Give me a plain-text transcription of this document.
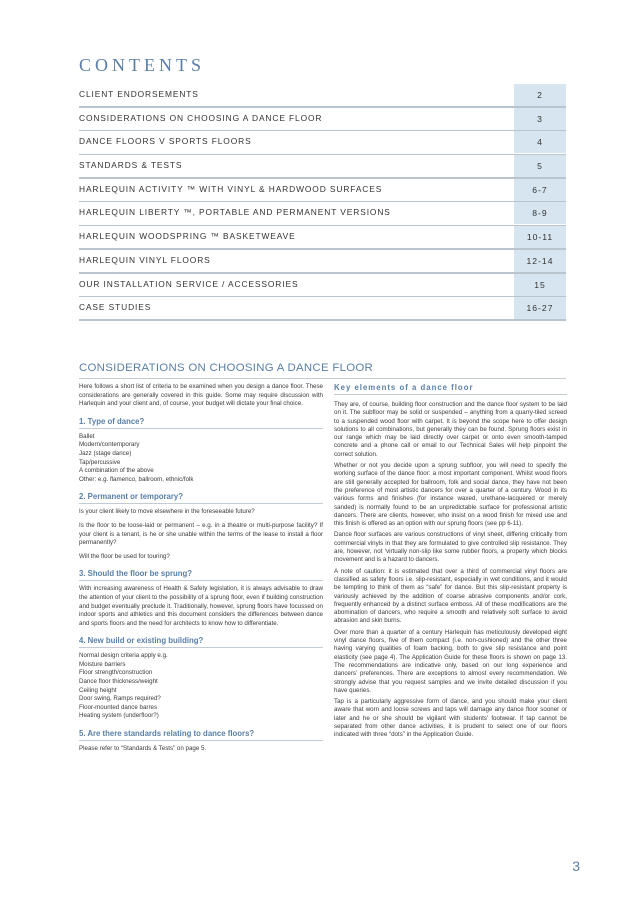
CONTENTS
CLIENT ENDORSEMENTS	2
CONSIDERATIONS ON CHOOSING A DANCE FLOOR	3
DANCE FLOORS V SPORTS FLOORS	4
STANDARDS & TESTS	5
HARLEQUIN ACTIVITY ™ WITH VINYL & HARDWOOD SURFACES	6-7
HARLEQUIN LIBERTY ™, PORTABLE AND PERMANENT VERSIONS	8-9
HARLEQUIN WOODSPRING ™ BASKETWEAVE	10-11
HARLEQUIN VINYL FLOORS	12-14
OUR INSTALLATION SERVICE / ACCESSORIES	15
CASE STUDIES	16-27
CONSIDERATIONS ON CHOOSING A DANCE FLOOR

Here follows a short list of criteria to be examined when you design a dance floor. These considerations are generally covered in this guide. Some may require discussion with Harlequin and your client and, of course, your budget will dictate your final choice.

1. Type of dance?
Ballet
Modern/contemporary
Jazz (stage dance)
Tap/percussive
A combination of the above
Other: e.g. flamenco, ballroom, ethnic/folk
2. Permanent or temporary?

Is your client likely to move elsewhere in the foreseeable future?

Is the floor to be loose-laid or permanent – e.g. in a theatre or multi-purpose facility? If your client is a tenant, is he or she unable within the terms of the lease to install a floor permanently?

Will the floor be used for touring?

3. Should the floor be sprung?

With increasing awareness of Health & Safety legislation, it is always advisable to draw the attention of your client to the possibility of a sprung floor, even if building construction and budget eventually preclude it. Traditionally, however, sprung floors have focussed on indoor sports and athletics and this document considers the differences between dance and sports floors and the need for architects to know how to differentiate.

4. New build or existing building?
Normal design criteria apply e.g.
Moisture barriers
Floor strength/construction
Dance floor thickness/weight
Ceiling height
Door swing, Ramps required?
Floor-mounted dance barres
Heating system (underfloor?)
5. Are there standards relating to dance floors?

Please refer to “Standards & Tests” on page 5.

Key elements of a dance floor

They are, of course, building floor construction and the dance floor system to be laid on it. The subfloor may be solid or suspended – anything from a quarry-tiled screed to a suspended wood floor with carpet. It is beyond the scope here to offer design solutions to all combinations, but generally they can be found. Sprung floors exist in our range which may be laid directly over carpet or onto even smooth-tamped concrete and a phone call or email to our Technical Sales will help pinpoint the correct solution.

Whether or not you decide upon a sprung subfloor, you will need to specify the working surface of the dance floor: a most important component. Whilst wood floors are still generally accepted for ballroom, folk and social dance, they have not been the preference of most artistic dancers for over a quarter of a century. Wood in its various forms and finishes (for instance waxed, urethane-lacquered or merely sanded) is normally found to be an unpredictable surface for professional artistic dancers. There are clients, however, who insist on a wood finish for mixed use and this finish is offered as an option with our sprung floors (see pp 6-11).

Dance floor surfaces are various constructions of vinyl sheet, differing critically from commercial vinyls in that they are formulated to give controlled slip resistance. They are, however, not ‘virtually non-slip like some rubber floors, a property which blocks movement and is a hazard to dancers.

A note of caution: it is estimated that over a third of commercial vinyl floors are classified as safety floors i.e. slip-resistant, especially in wet conditions, and it would be tempting to think of them as “safe” for dance. But this slip-resistant property is variously achieved by the addition of coarse abrasive components and/or cork, frequently enhanced by a distinct surface emboss. All of these modifications are the abomination of dancers, who require a smooth and relatively soft surface to avoid abrasion and skin burns.

Over more than a quarter of a century Harlequin has meticulously developed eight vinyl dance floors, five of them compact (i.e. non-cushioned) and the other three having varying qualities of foam backing, both to give slip resistance and point elasticity (see page 4). The Application Guide for these floors is shown on page 13. The recommendations are indicative only, based on our long experience and dancers’ preferences. There are exceptions to almost every recommendation. We strongly advise that you request samples and we invite detailed discussion if you have queries.

Tap is a particularly aggressive form of dance, and you should make your client aware that worn and loose screws and taps will damage any dance floor sooner or later and he or she should be vigilant with students’ footwear. If tap cannot be separated from other dance activities, it is prudent to select one of our floors indicated with three “dots” in the Application Guide.

3
